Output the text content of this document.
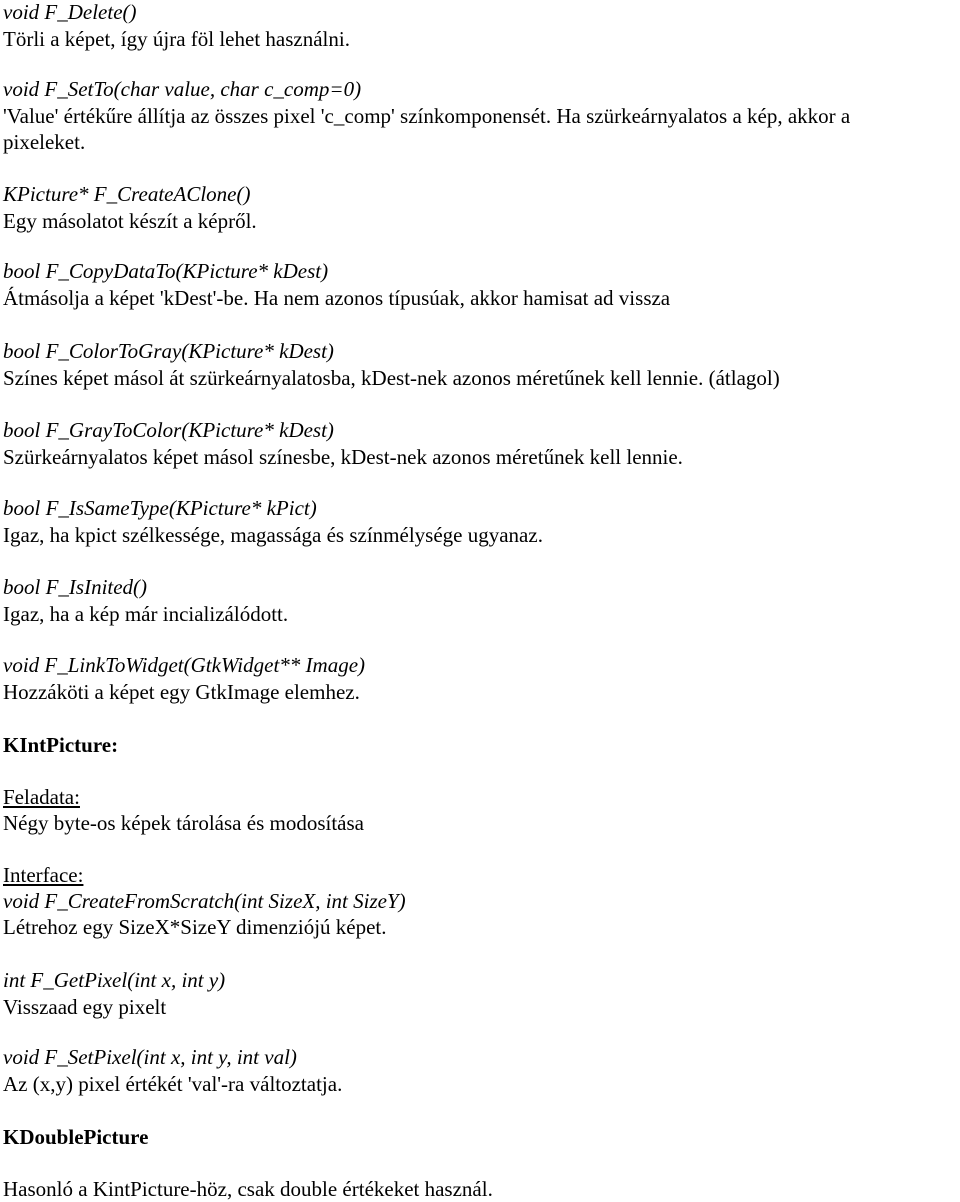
void F_Delete()
Törli a képet, így újra föl lehet használni.
void F_SetTo(char value, char c_comp=0)
'Value' értékűre állítja az összes pixel 'c_comp' színkomponensét. Ha szürkeárnyalatos a kép, akkor a
pixeleket.
KPicture* F_CreateAClone()
Egy másolatot készít a képről.
bool F_CopyDataTo(KPicture* kDest)
Átmásolja a képet 'kDest'-be. Ha nem azonos típusúak, akkor hamisat ad vissza
bool F_ColorToGray(KPicture* kDest)
Színes képet másol át szürkeárnyalatosba, kDest-nek azonos méretűnek kell lennie. (átlagol)
bool F_GrayToColor(KPicture* kDest)
Szürkeárnyalatos képet másol színesbe, kDest-nek azonos méretűnek kell lennie.
bool F_IsSameType(KPicture* kPict)
Igaz, ha kpict szélkessége, magassága és színmélysége ugyanaz.
bool F_IsInited()
Igaz, ha a kép már incializálódott.
void F_LinkToWidget(GtkWidget** Image)
Hozzáköti a képet egy GtkImage elemhez.
KIntPicture:
Feladata:
Négy byte-os képek tárolása és modosítása
Interface:
void F_CreateFromScratch(int SizeX, int SizeY)
Létrehoz egy SizeX*SizeY dimenziójú képet.
int F_GetPixel(int x, int y)
Visszaad egy pixelt
void F_SetPixel(int x, int y, int val)
Az (x,y) pixel értékét 'val'-ra változtatja.
KDoublePicture
Hasonló a KintPicture-höz, csak double értékeket használ.
